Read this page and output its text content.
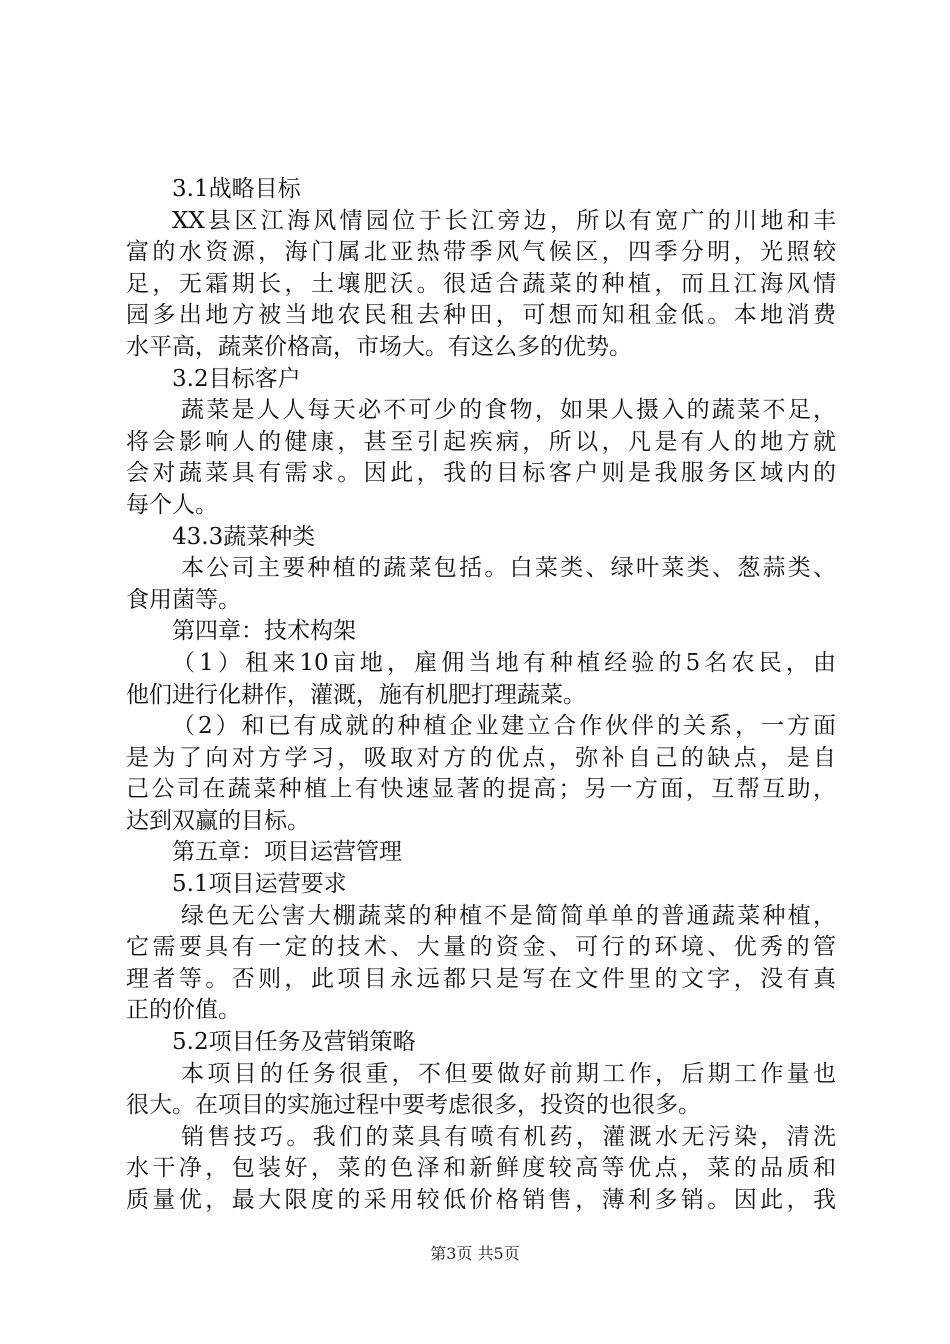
3.1战略目标
XX县区江海风情园位于长江旁边，所以有宽广的川地和丰
富的水资源，海门属北亚热带季风气候区，四季分明，光照较
足，无霜期长，土壤肥沃。很适合蔬菜的种植，而且江海风情
园多出地方被当地农民租去种田，可想而知租金低。本地消费
水平高，蔬菜价格高，市场大。有这么多的优势。
3.2目标客户
蔬菜是人人每天必不可少的食物，如果人摄入的蔬菜不足，
将会影响人的健康，甚至引起疾病，所以，凡是有人的地方就
会对蔬菜具有需求。因此，我的目标客户则是我服务区域内的
每个人。
43.3蔬菜种类
本公司主要种植的蔬菜包括。白菜类、绿叶菜类、葱蒜类、
食用菌等。
第四章：技术构架
（1）租来10亩地，雇佣当地有种植经验的5名农民，由
他们进行化耕作，灌溉，施有机肥打理蔬菜。
（2）和已有成就的种植企业建立合作伙伴的关系，一方面
是为了向对方学习，吸取对方的优点，弥补自己的缺点，是自
己公司在蔬菜种植上有快速显著的提高；另一方面，互帮互助，
达到双赢的目标。
第五章：项目运营管理
5.1项目运营要求
绿色无公害大棚蔬菜的种植不是简简单单的普通蔬菜种植，
它需要具有一定的技术、大量的资金、可行的环境、优秀的管
理者等。否则，此项目永远都只是写在文件里的文字，没有真
正的价值。
5.2项目任务及营销策略
本项目的任务很重，不但要做好前期工作，后期工作量也
很大。在项目的实施过程中要考虑很多，投资的也很多。
销售技巧。我们的菜具有喷有机药，灌溉水无污染，清洗
水干净，包装好，菜的色泽和新鲜度较高等优点，菜的品质和
质量优，最大限度的采用较低价格销售，薄利多销。因此，我
第3页 共5页
